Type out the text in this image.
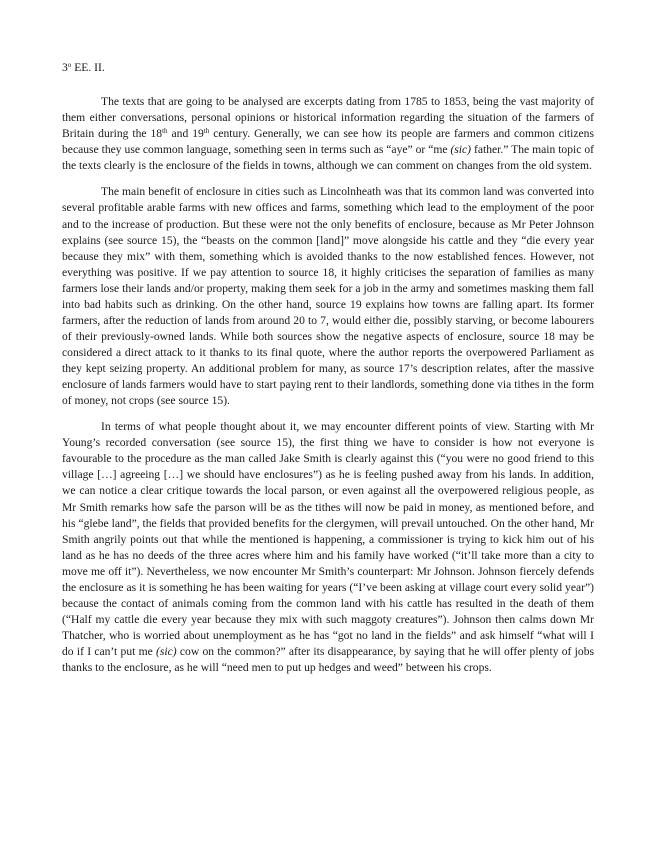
3$^o$ EE. II.

The texts that are going to be analysed are excerpts dating from 1785 to 1853, being the vast majority of them either conversations, personal opinions or historical information regarding the situation of the farmers of Britain during the 18th and 19th century. Generally, we can see how its people are farmers and common citizens because they use common language, something seen in terms such as “aye” or “me (sic) father.” The main topic of the texts clearly is the enclosure of the fields in towns, although we can comment on changes from the old system.

The main benefit of enclosure in cities such as Lincolnheath was that its common land was converted into several profitable arable farms with new offices and farms, something which lead to the employment of the poor and to the increase of production. But these were not the only benefits of enclosure, because as Mr Peter Johnson explains (see source 15), the “beasts on the common [land]” move alongside his cattle and they “die every year because they mix” with them, something which is avoided thanks to the now established fences. However, not everything was positive. If we pay attention to source 18, it highly criticises the separation of families as many farmers lose their lands and/or property, making them seek for a job in the army and sometimes masking them fall into bad habits such as drinking. On the other hand, source 19 explains how towns are falling apart. Its former farmers, after the reduction of lands from around 20 to 7, would either die, possibly starving, or become labourers of their previously-owned lands. While both sources show the negative aspects of enclosure, source 18 may be considered a direct attack to it thanks to its final quote, where the author reports the overpowered Parliament as they kept seizing property. An additional problem for many, as source 17’s description relates, after the massive enclosure of lands farmers would have to start paying rent to their landlords, something done via tithes in the form of money, not crops (see source 15).

In terms of what people thought about it, we may encounter different points of view. Starting with Mr Young’s recorded conversation (see source 15), the first thing we have to consider is how not everyone is favourable to the procedure as the man called Jake Smith is clearly against this (“you were no good friend to this village […] agreeing […] we should have enclosures”) as he is feeling pushed away from his lands. In addition, we can notice a clear critique towards the local parson, or even against all the overpowered religious people, as Mr Smith remarks how safe the parson will be as the tithes will now be paid in money, as mentioned before, and his “glebe land”, the fields that provided benefits for the clergymen, will prevail untouched. On the other hand, Mr Smith angrily points out that while the mentioned is happening, a commissioner is trying to kick him out of his land as he has no deeds of the three acres where him and his family have worked (“it’ll take more than a city to move me off it”). Nevertheless, we now encounter Mr Smith’s counterpart: Mr Johnson. Johnson fiercely defends the enclosure as it is something he has been waiting for years (“I’ve been asking at village court every solid year”) because the contact of animals coming from the common land with his cattle has resulted in the death of them (“Half my cattle die every year because they mix with such maggoty creatures”). Johnson then calms down Mr Thatcher, who is worried about unemployment as he has “got no land in the fields” and ask himself “what will I do if I can’t put me (sic) cow on the common?” after its disappearance, by saying that he will offer plenty of jobs thanks to the enclosure, as he will “need men to put up hedges and weed” between his crops.
